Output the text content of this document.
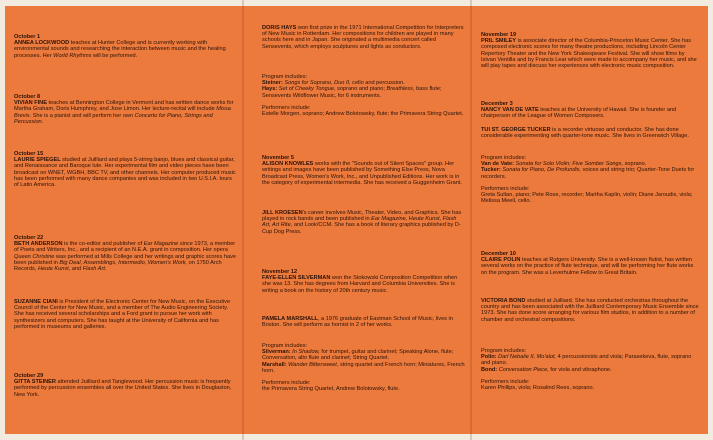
October 1

ANNEA LOCKWOOD teaches at Hunter College and is currently working with environmental sounds and researching the interaction between music and the healing processes. Her World Rhythms will be performed.

October 8

VIVIAN FINE teaches at Bennington College in Vermont and has written dance works for Martha Graham, Doris Humphrey, and Jose Limon. Her lecture-recital will include Missa Brevis. She is a pianist and will perform her own Concerto for Piano, Strings and Percussion.

October 15

LAURIE SPIEGEL studied at Juilliard and plays 5-string banjo, blues and classical guitar, and Renaissance and Baroque lute. Her experimental film and video pieces have been broadcast on WNET, WGBH, BBC TV, and other channels. Her computer produced music has been performed with many dance companies and was included in two U.S.I.A. tours of Latin America.

October 22

BETH ANDERSON is the co-editor and publisher of Ear Magazine since 1973, a member of Poets and Writers, Inc., and a recipient of an N.E.A. grant in composition. Her opera Queen Christine was performed at Mills College and her writings and graphic scores have been published in Big Deal, Assemblings, Intermedio, Women's Work, on 1750 Arch Records, Heute Kunst, and Flash Art.

SUZANNE CIANI is President of the Electronic Center for New Music, on the Executive Council of the Center for New Music, and a member of The Audio Engineering Society. She has received several scholarships and a Ford grant to pursue her work with synthesizers and computers. She has taught at the University of California and has performed in museums and galleries.

October 29

GITTA STEINER attended Juilliard and Tanglewood. Her percussion music is frequently performed by percussion ensembles all over the United States. She lives in Douglaston, New York.

DORIS HAYS won first prize in the 1971 International Competition for Interpreters of New Music in Rotterdam. Her compositions for children are played in many schools here and in Japan. She originated a multimedia concert called Sensevents, which employs sculptures and lights as conductors.

Program includes:

Steiner: Songs for Soprano, Duo II, cello and percussion.

Hays: Set of Cheeky Tongue, soprano and piano; Breathless, bass flute; Sensevents Wildflower Music, for 6 instruments.

Performers include:

Estelle Morgen, soprano; Andrew Bolotowsky, flute; the Primavera String Quartet.

November 5

ALISON KNOWLES works with the "Sounds out of Silent Spaces" group. Her writings and images have been published by Something Else Press, Nova Broadcast Press, Women's Work, Inc., and Unpublished Editions. Her work is in the category of experimental intermedia. She has received a Guggenheim Grant.

JILL KROESEN's career involves Music, Theater, Video, and Graphics. She has played in rock bands and been published in Ear Magazine, Heute Kunst, Flash Art, Art Rite, and Look/CCM. She has a book of literary graphics published by D-Cup Dog Press.

November 12

FAYE-ELLEN SILVERMAN won the Stokowski Composition Competition when she was 13. She has degrees from Harvard and Columbia Universities. She is writing a book on the history of 20th century music.

PAMELA MARSHALL, a 1976 graduate of Eastman School of Music, lives in Boston. She will perform as hornist in 2 of her works.

Program includes:

Silverman: In Shadow, for trumpet, guitar and clarinet; Speaking Alone, flute; Conversation, alto flute and clarinet; String Quartet.

Marshall: Wander Bittersweet, string quartet and French horn; Miniatures, French horn.

Performers include:

the Primavera String Quartet, Andrew Bolotowsky, flute.

November 19

PRIL SMILEY is associate director of the Columbia-Princeton Music Center. She has composed electronic scores for many theatre productions, including Lincoln Center Repertory Theater and the New York Shakespeare Festival. She will show films by Istvan Ventilla and by Francis Lear which were made to accompany her music, and she will play tapes and discuss her experiences with electronic music composition.

December 3

NANCY VAN DE VATE teaches at the University of Hawaii. She is founder and chairperson of the League of Women Composers.

TUI ST. GEORGE TUCKER is a recorder virtuoso and conductor. She has done considerable experimenting with quarter-tone music. She lives in Greenwich Village.

Program includes:

Van de Vate: Sonata for Solo Violin; Five Somber Songs, soprano.

Tucker: Sonata for Piano, De Profundis, voices and string trio; Quarter-Tone Duets for recorders.

Performers include:

Greta Sultan, piano; Pete Rose, recorder; Martha Kaplin, violin; Diane Jaroudis, viola; Melissa Meell, cello.

December 10

CLAIRE POLIN teaches at Rutgers University. She is a well-known flutist, has written several works on the practice of flute technique, and will be performing her flute works on the program. She was a Leverhulme Fellow to Great Britain.

VICTORIA BOND studied at Juilliard. She has conducted orchestras throughout the country and has been associated with the Juilliard Contemporary Music Ensemble since 1973. She has done score arranging for various film studios, in addition to a number of chamber and orchestral compositions.

Program includes:

Polin: Darl Nebalie II, Mo'alot, 4 percussionists and viola; Parasekeva, flute, soprano and piano.

Bond: Conversation Piece, for viola and vibraphone.

Performers include:

Karen Phillips, viola; Rosalind Rees, soprano.
